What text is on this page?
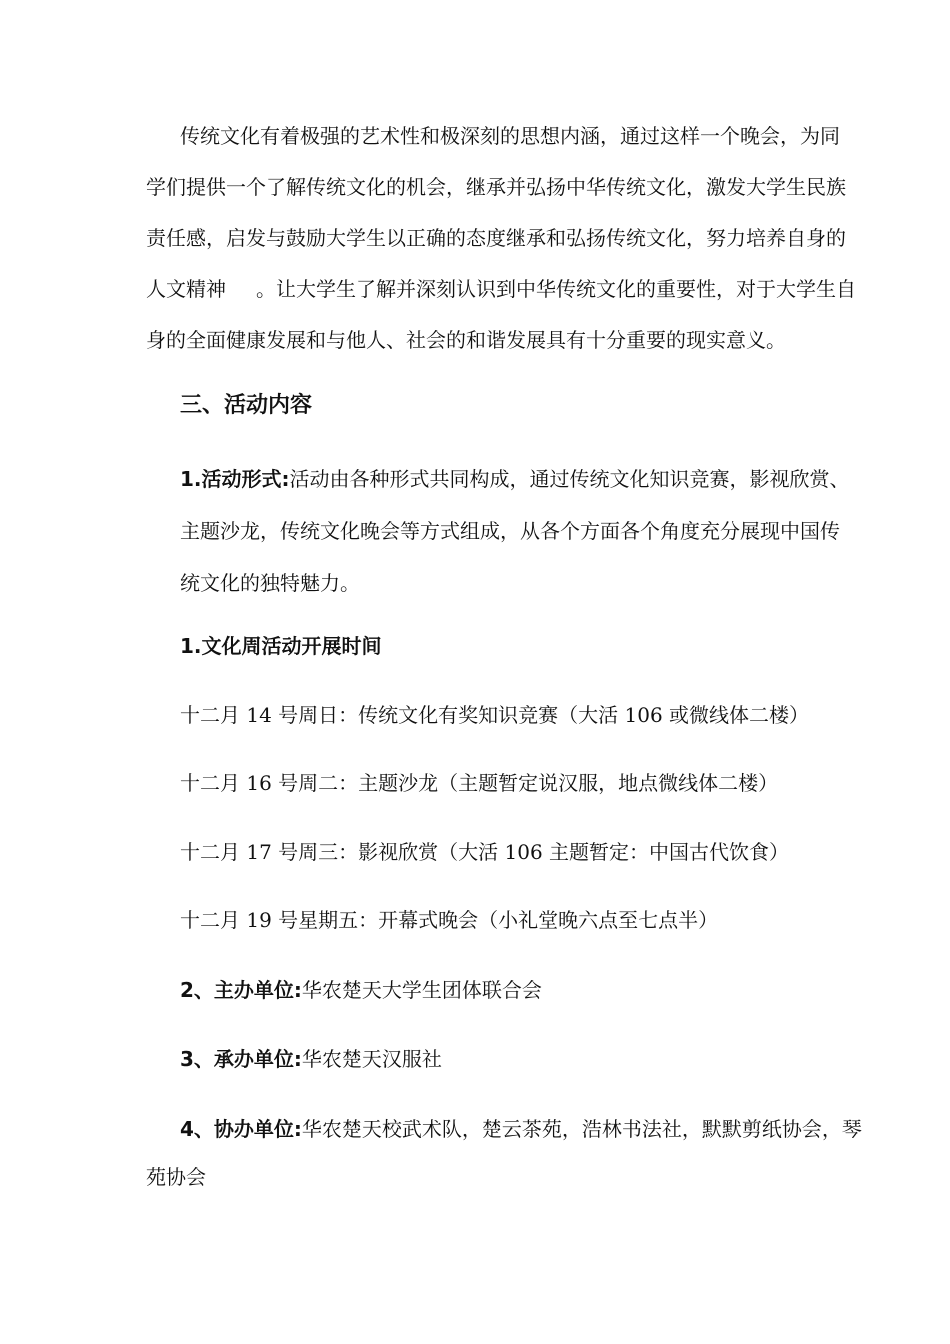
传统文化有着极强的艺术性和极深刻的思想内涵，通过这样一个晚会，为同
学们提供一个了解传统文化的机会，继承并弘扬中华传统文化，激发大学生民族
责任感，启发与鼓励大学生以正确的态度继承和弘扬传统文化，努力培养自身的
人文精神 。让大学生了解并深刻认识到中华传统文化的重要性，对于大学生自
身的全面健康发展和与他人、社会的和谐发展具有十分重要的现实意义。
三、活动内容
1.活动形式:活动由各种形式共同构成，通过传统文化知识竞赛，影视欣赏、
主题沙龙，传统文化晚会等方式组成，从各个方面各个角度充分展现中国传
统文化的独特魅力。
1.文化周活动开展时间
十二月 14 号周日：传统文化有奖知识竞赛（大活 106 或微线体二楼）
十二月 16 号周二：主题沙龙（主题暂定说汉服，地点微线体二楼）
十二月 17 号周三：影视欣赏（大活 106 主题暂定：中国古代饮食）
十二月 19 号星期五：开幕式晚会（小礼堂晚六点至七点半）
2、主办单位:华农楚天大学生团体联合会
3、承办单位:华农楚天汉服社
4、协办单位:华农楚天校武术队，楚云茶苑，浩林书法社，默默剪纸协会，琴
苑协会
